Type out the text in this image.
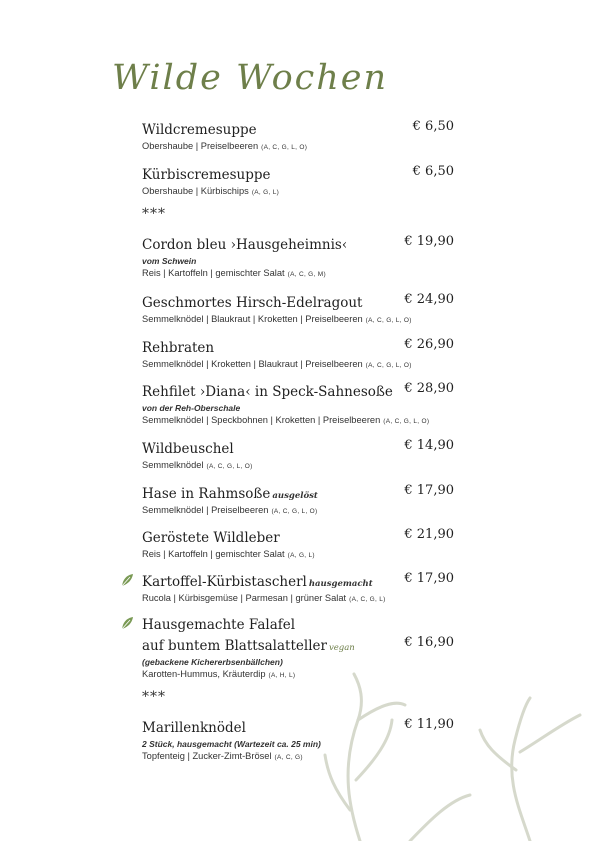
Wilde Wochen
Wildcremesuppe	€ 6,50
Obershaube | Preiselbeeren (A, C, G, L, O)
Kürbiscremesuppe	€ 6,50
Obershaube | Kürbischips (A, G, L)
***
Cordon bleu ›Hausgeheimnis‹	€ 19,90
vom Schwein
Reis | Kartoffeln | gemischter Salat (A, C, G, M)
Geschmortes Hirsch-Edelragout	€ 24,90
Semmelknödel | Blaukraut | Kroketten | Preiselbeeren (A, C, G, L, O)
Rehbraten	€ 26,90
Semmelknödel | Kroketten | Blaukraut | Preiselbeeren (A, C, G, L, O)
Rehfilet ›Diana‹ in Speck-Sahnesoße € 28,90
von der Reh-Oberschale
Semmelknödel | Speckbohnen | Kroketten | Preiselbeeren (A, C, G, L, O)
Wildbeuschel	€ 14,90
Semmelknödel (A, C, G, L, O)
Hase in Rahmsoße ausgelöst	€ 17,90
Semmelknödel | Preiselbeeren (A, C, G, L, O)
Geröstete Wildleber	€ 21,90
Reis | Kartoffeln | gemischter Salat (A, G, L)
Kartoffel-Kürbistascherl hausgemacht € 17,90
Rucola | Kürbisgemüse | Parmesan | grüner Salat (A, C, G, L)
Hausgemachte Falafel
auf buntem Blattsalatteller vegan	€ 16,90
(gebackene Kichererbsenbällchen)
Karotten-Hummus, Kräuterdip (A, H, L)
***
Marillenknödel	€ 11,90
2 Stück, hausgemacht (Wartezeit ca. 25 min)
Topfenteig | Zucker-Zimt-Brösel (A, C, G)
